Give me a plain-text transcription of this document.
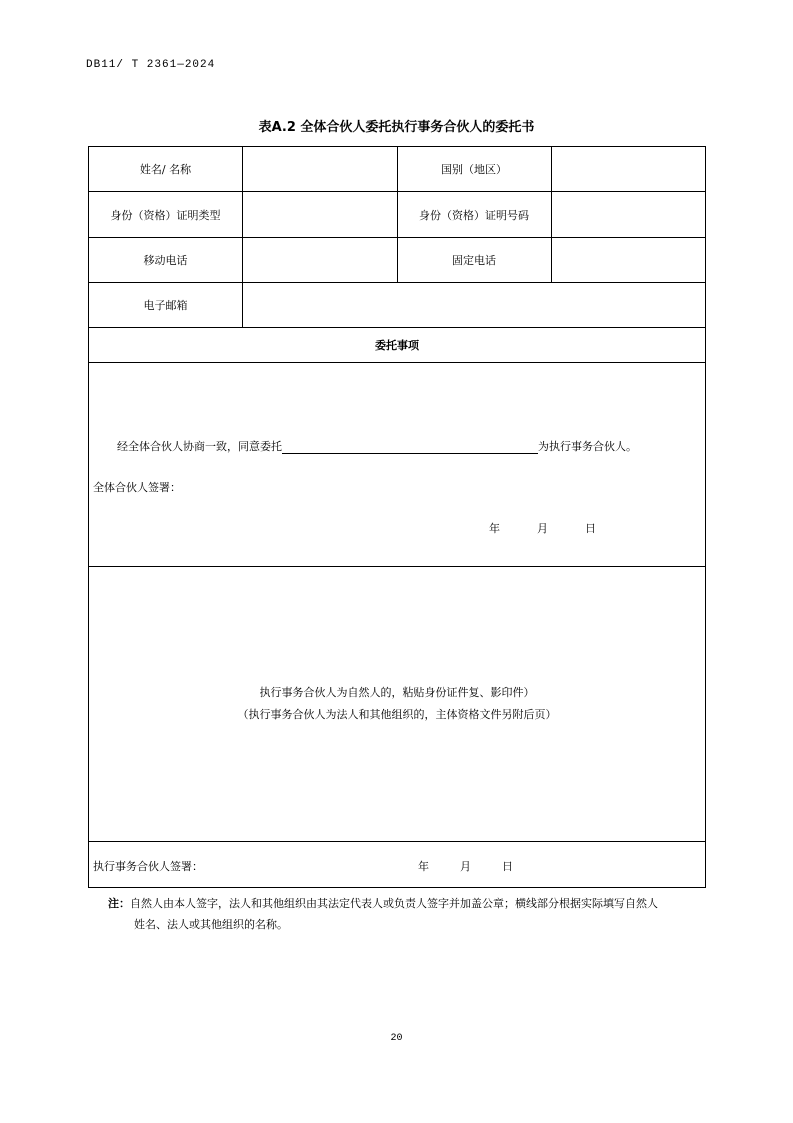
DB11/ T 2361—2024
表A.2 全体合伙人委托执行事务合伙人的委托书
姓名/ 名称	国别（地区）
身份（资格）证明类型	身份（资格）证明号码
移动电话	固定电话
电子邮箱
委托事项
经全体合伙人协商一致，同意委托	为执行事务合伙人。
全体合伙人签署：
年	月	日
执行事务合伙人为自然人的，粘贴身份证件复、影印件）
（执行事务合伙人为法人和其他组织的，主体资格文件另附后页）
执行事务合伙人签署：	年	月	日
注：自然人由本人签字，法人和其他组织由其法定代表人或负责人签字并加盖公章；横线部分根据实际填写自然人
姓名、法人或其他组织的名称。
20
